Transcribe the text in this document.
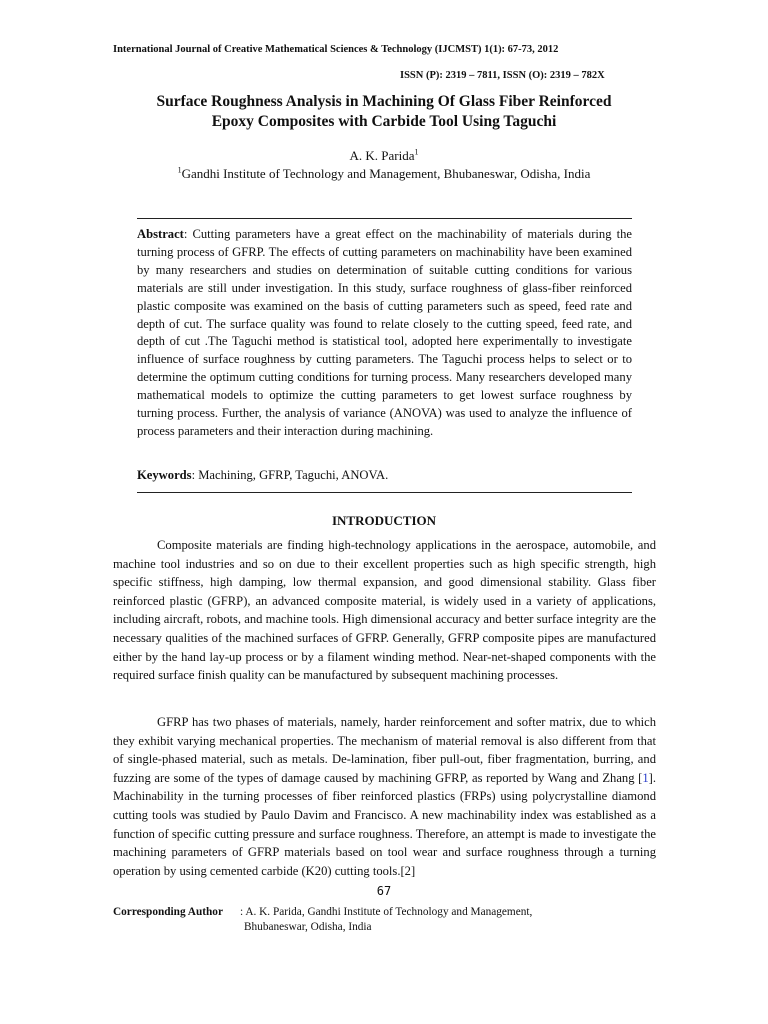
International Journal of Creative Mathematical Sciences & Technology (IJCMST) 1(1): 67-73, 2012
ISSN (P): 2319 – 7811, ISSN (O): 2319 – 782X
Surface Roughness Analysis in Machining Of Glass Fiber Reinforced
Epoxy Composites with Carbide Tool Using Taguchi
A. K. Parida$^1$
$^1$Gandhi Institute of Technology and Management, Bhubaneswar, Odisha, India
Abstract: Cutting parameters have a great effect on the machinability of materials during the turning process of GFRP. The effects of cutting parameters on machinability have been examined by many researchers and studies on determination of suitable cutting conditions for various materials are still under investigation. In this study, surface roughness of glass-fiber reinforced plastic composite was examined on the basis of cutting parameters such as speed, feed rate and depth of cut. The surface quality was found to relate closely to the cutting speed, feed rate, and depth of cut .The Taguchi method is statistical tool, adopted here experimentally to investigate influence of surface roughness by cutting parameters. The Taguchi process helps to select or to determine the optimum cutting conditions for turning process. Many researchers developed many mathematical models to optimize the cutting parameters to get lowest surface roughness by turning process. Further, the analysis of variance (ANOVA) was used to analyze the influence of process parameters and their interaction during machining.
Keywords: Machining, GFRP, Taguchi, ANOVA.
INTRODUCTION

Composite materials are finding high-technology applications in the aerospace, automobile, and machine tool industries and so on due to their excellent properties such as high specific strength, high specific stiffness, high damping, low thermal expansion, and good dimensional stability. Glass fiber reinforced plastic (GFRP), an advanced composite material, is widely used in a variety of applications, including aircraft, robots, and machine tools. High dimensional accuracy and better surface integrity are the necessary qualities of the machined surfaces of GFRP. Generally, GFRP composite pipes are manufactured either by the hand lay-up process or by a filament winding method. Near-net-shaped components with the required surface finish quality can be manufactured by subsequent machining processes.

GFRP has two phases of materials, namely, harder reinforcement and softer matrix, due to which they exhibit varying mechanical properties. The mechanism of material removal is also different from that of single-phased material, such as metals. De-lamination, fiber pull-out, fiber fragmentation, burring, and fuzzing are some of the types of damage caused by machining GFRP, as reported by Wang and Zhang [1]. Machinability in the turning processes of fiber reinforced plastics (FRPs) using polycrystalline diamond cutting tools was studied by Paulo Davim and Francisco. A new machinability index was established as a function of specific cutting pressure and surface roughness. Therefore, an attempt is made to investigate the machining parameters of GFRP materials based on tool wear and surface roughness through a turning operation by using cemented carbide (K20) cutting tools.[2]

67
Corresponding Author : A. K. Parida, Gandhi Institute of Technology and Management,
Bhubaneswar, Odisha, India
